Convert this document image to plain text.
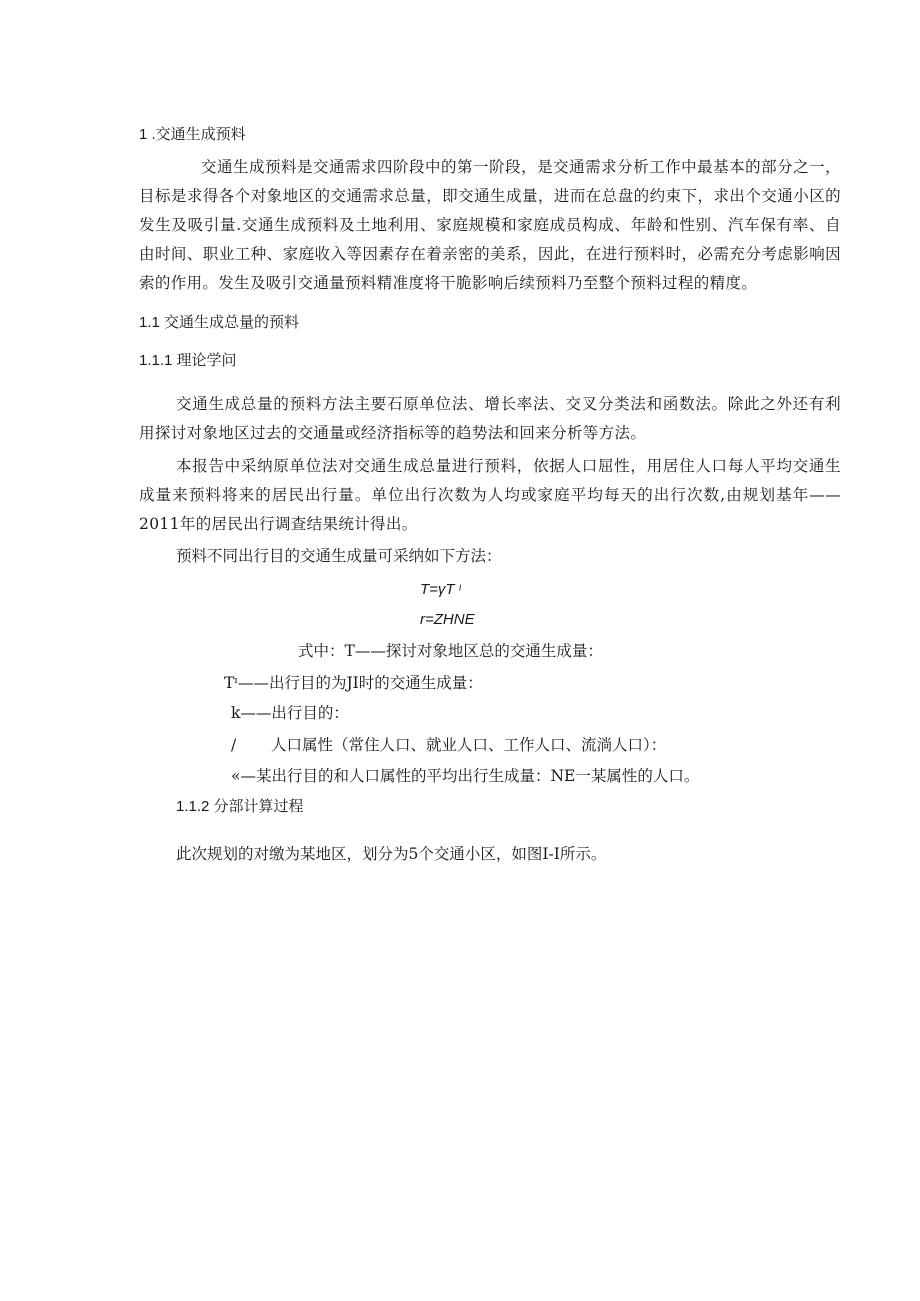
1 .交通生成预料
交通生成预料是交通需求四阶段中的第一阶段，是交通需求分析工作中最基本的部分之一，目标是求得各个对象地区的交通需求总量，即交通生成量，进而在总盘的约束下，求出个交通小区的发生及吸引量.交通生成预料及土地利用、家庭规模和家庭成员构成、年龄和性别、汽车保有率、自由时间、职业工种、家庭收入等因素存在着亲密的美系，因此，在进行预料时，必需充分考虑影响因索的作用。发生及吸引交通量预料精准度将干脆影响后续预料乃至整个预料过程的精度。
1.1 交通生成总量的预料
1.1.1 理论学问
交通生成总量的预料方法主要石原单位法、增长率法、交叉分类法和函数法。除此之外还有利用探讨对象地区过去的交通量或经济指标等的趋势法和回来分析等方法。
本报告中采纳原单位法对交通生成总量进行预料，依据人口屈性，用居住人口每人平均交通生成量来预料将来的居民出行量。单位出行次数为人均或家庭平均每天的出行次数,由规划基年——2011年的居民出行调查结果统计得出。
预料不同出行目的交通生成量可采纳如下方法：
T=γT ᶦ
r=ZHNE
式中：T——探讨对象地区总的交通生成量：
Tᶦ——出行目的为JI时的交通生成量：
k——出行目的：
/ 人口属性（常住人口、就业人口、工作人口、流淌人口）：
«—某出行目的和人口属性的平均出行生成量：NE一某属性的人口。
1.1.2 分部计算过程
此次规划的对缴为某地区，划分为5个交通小区，如图I-I所示。
